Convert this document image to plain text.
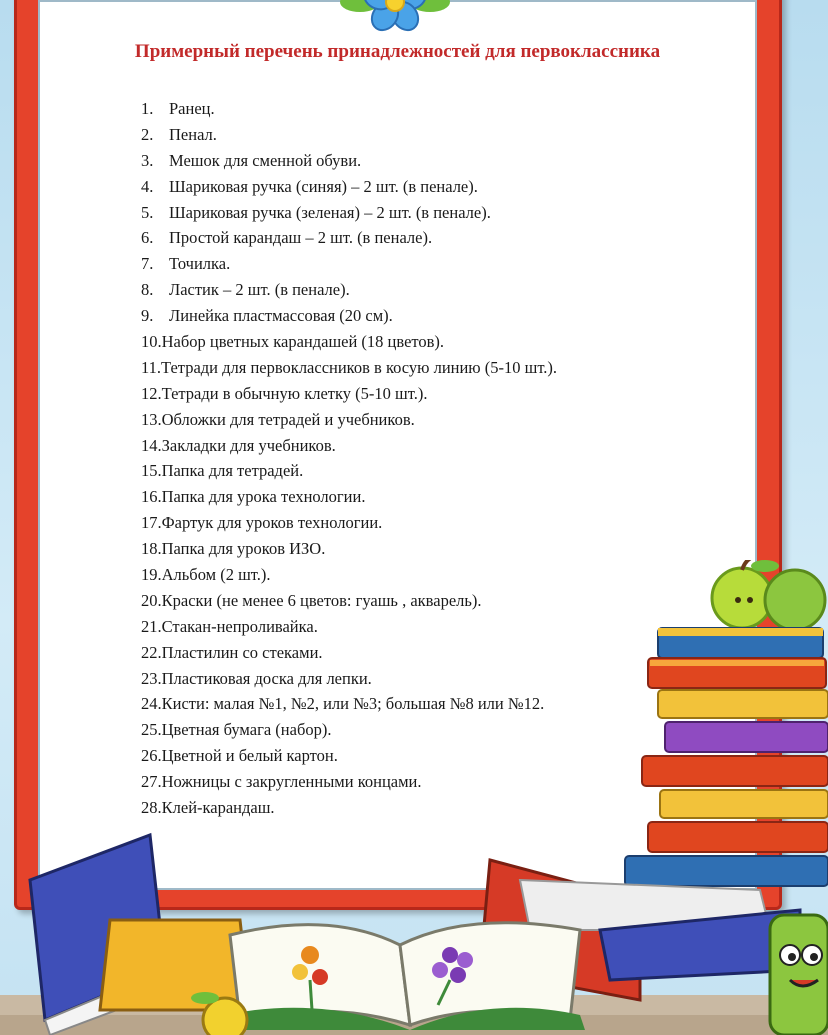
Примерный перечень принадлежностей для первоклассника
1. Ранец.
2. Пенал.
3. Мешок для сменной обуви.
4. Шариковая ручка (синяя) – 2 шт. (в пенале).
5. Шариковая ручка (зеленая) – 2 шт. (в пенале).
6. Простой карандаш – 2 шт. (в пенале).
7. Точилка.
8. Ластик – 2 шт. (в пенале).
9. Линейка пластмассовая (20 см).
10.Набор цветных карандашей (18 цветов).
11.Тетради для первоклассников в косую линию (5-10 шт.).
12.Тетради в обычную клетку (5-10 шт.).
13.Обложки для тетрадей и учебников.
14.Закладки для учебников.
15.Папка для тетрадей.
16.Папка для урока технологии.
17.Фартук для уроков технологии.
18.Папка для уроков ИЗО.
19.Альбом (2 шт.).
20.Краски (не менее 6 цветов: гуашь , акварель).
21.Стакан-непроливайка.
22.Пластилин со стеками.
23.Пластиковая доска для лепки.
24.Кисти: малая №1, №2, или №3; большая №8 или №12.
25.Цветная бумага (набор).
26.Цветной и белый картон.
27.Ножницы с закругленными концами.
28.Клей-карандаш.
